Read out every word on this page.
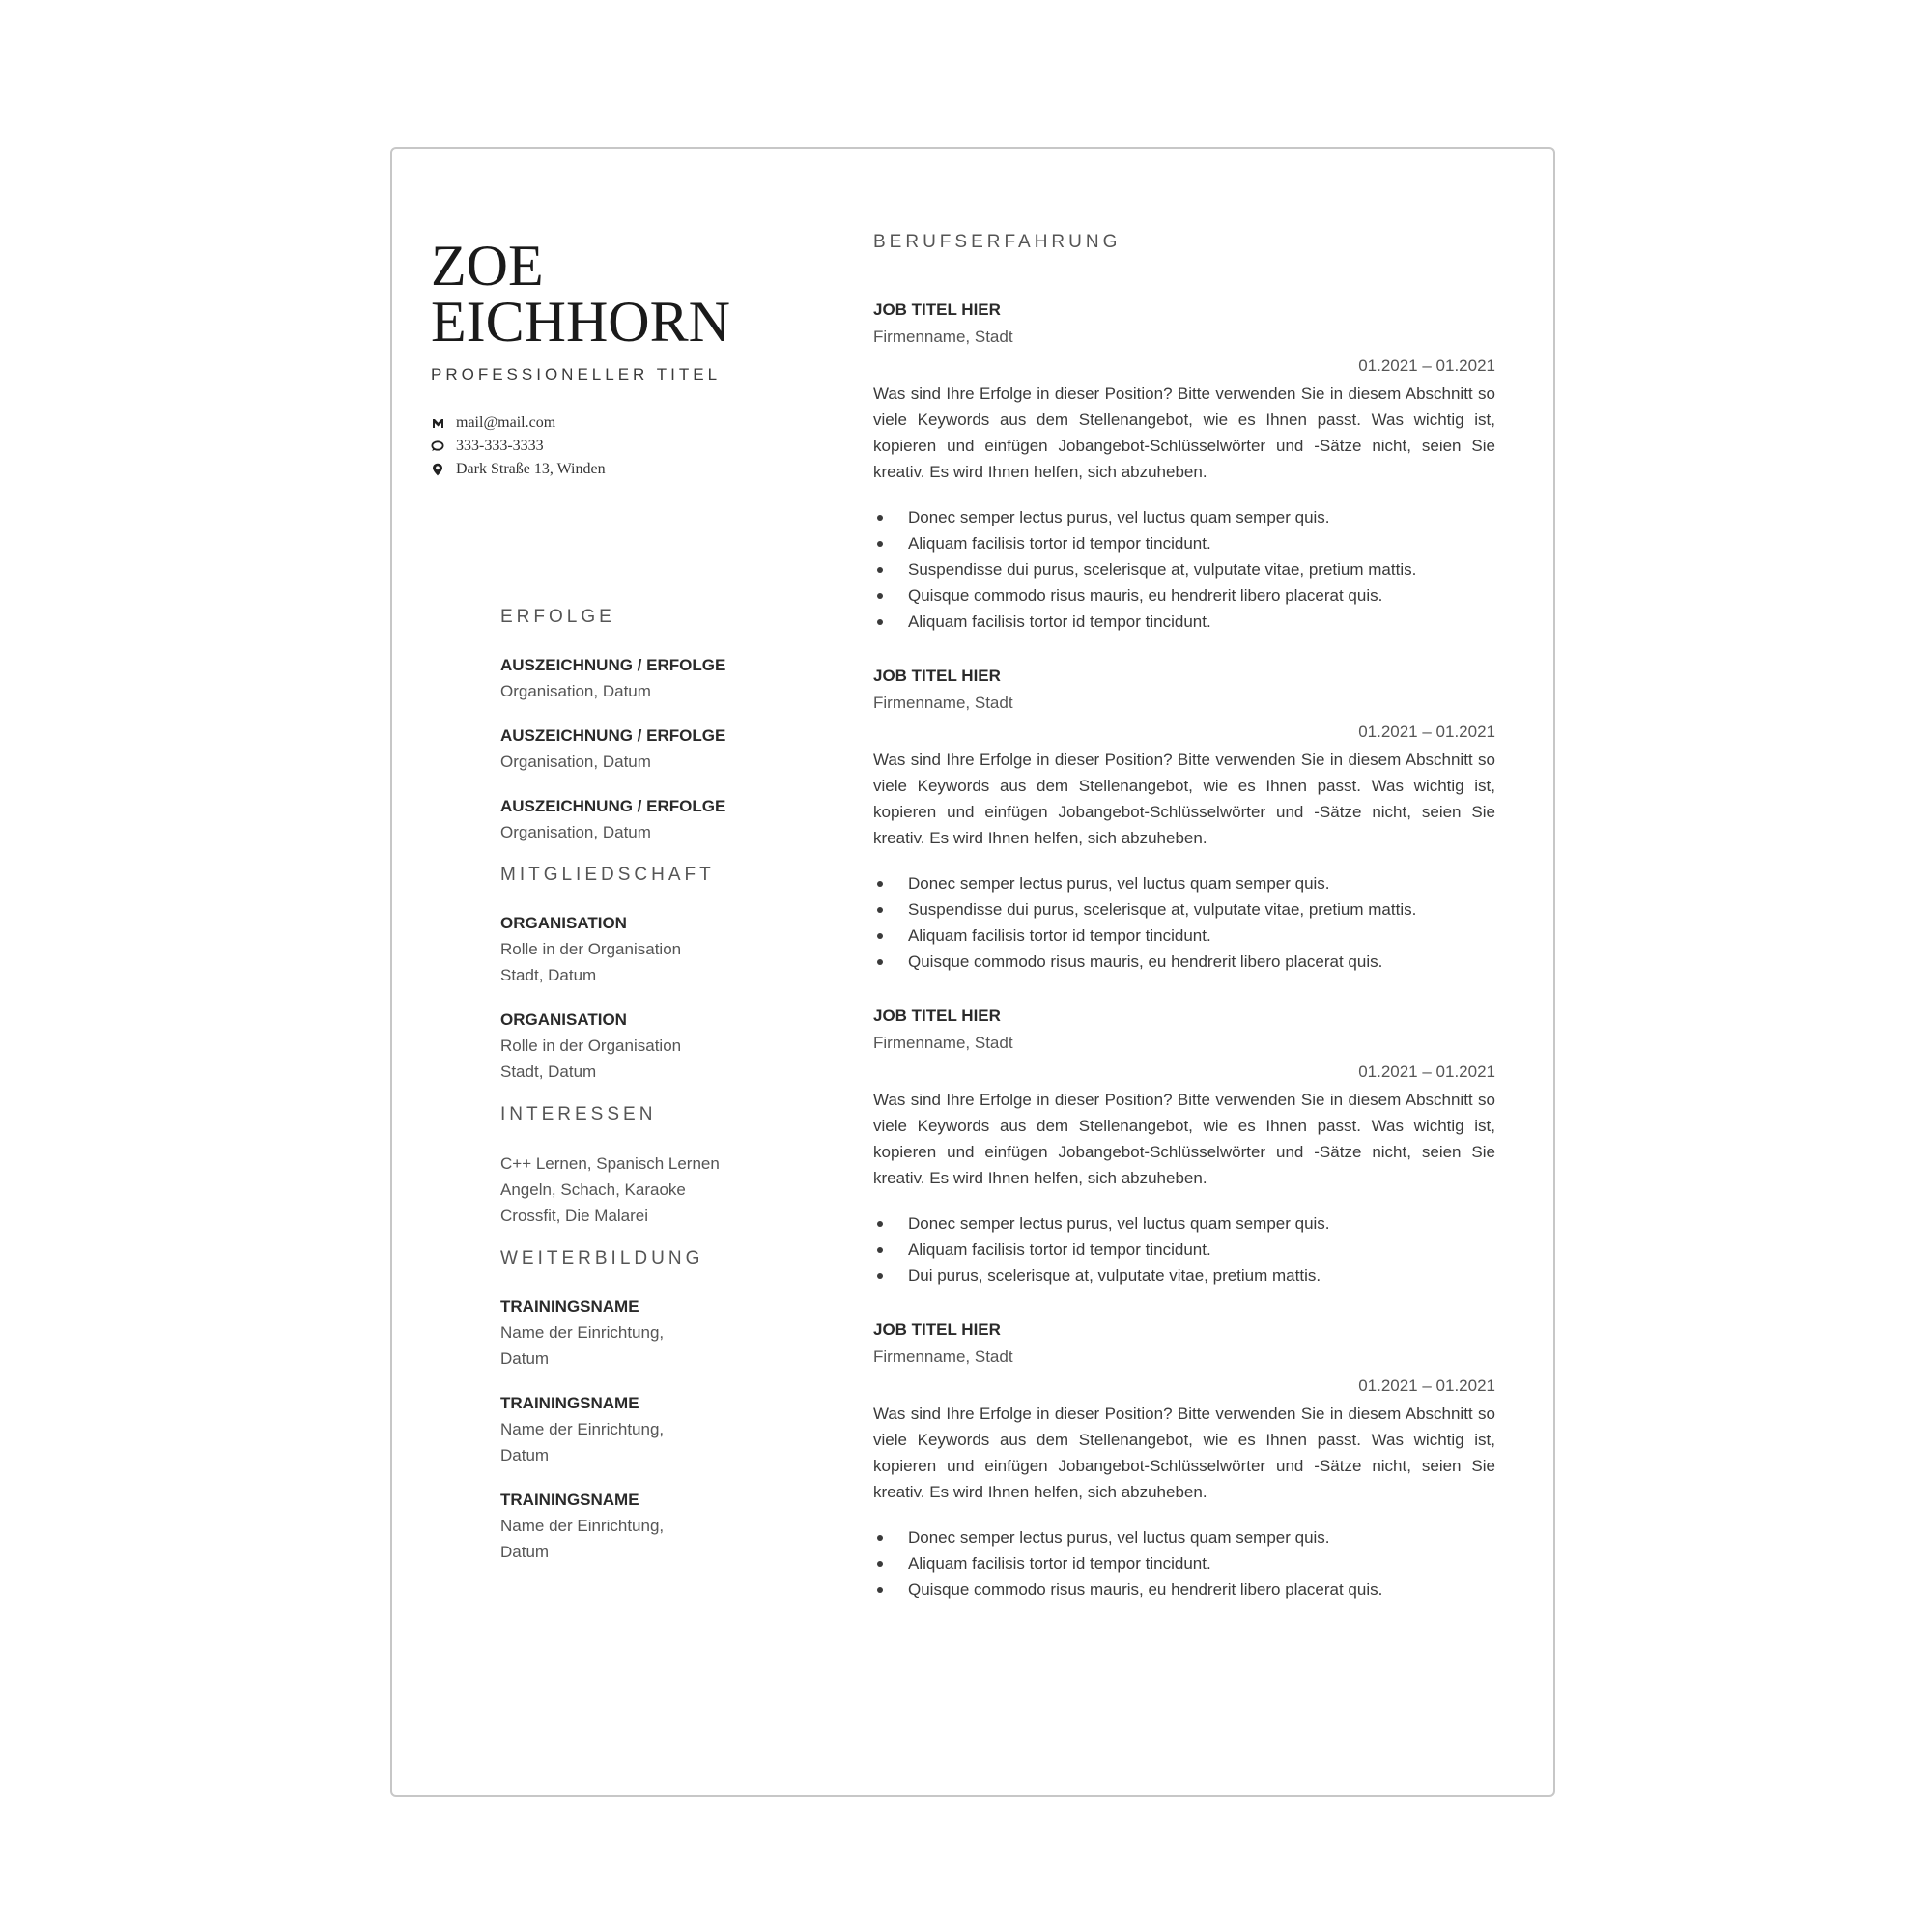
ZOE
EICHHORN
PROFESSIONELLER TITEL
mail@mail.com
333-333-3333
Dark Straße 13, Winden
ERFOLGE
AUSZEICHNUNG / ERFOLGE
Organisation, Datum
AUSZEICHNUNG / ERFOLGE
Organisation, Datum
AUSZEICHNUNG / ERFOLGE
Organisation, Datum
MITGLIEDSCHAFT
ORGANISATION
Rolle in der Organisation
Stadt, Datum
ORGANISATION
Rolle in der Organisation
Stadt, Datum
INTERESSEN
C++ Lernen, Spanisch Lernen
Angeln, Schach, Karaoke
Crossfit, Die Malarei
WEITERBILDUNG
TRAININGSNAME
Name der Einrichtung,
Datum
TRAININGSNAME
Name der Einrichtung,
Datum
TRAININGSNAME
Name der Einrichtung,
Datum
BERUFSERFAHRUNG
JOB TITEL HIER
Firmenname, Stadt
01.2021 – 01.2021

Was sind Ihre Erfolge in dieser Position? Bitte verwenden Sie in diesem Abschnitt so viele Keywords aus dem Stellenangebot, wie es Ihnen passt. Was wichtig ist, kopieren und einfügen Jobangebot-Schlüsselwörter und -Sätze nicht, seien Sie kreativ. Es wird Ihnen helfen, sich abzuheben.

Donec semper lectus purus, vel luctus quam semper quis.
Aliquam facilisis tortor id tempor tincidunt.
Suspendisse dui purus, scelerisque at, vulputate vitae, pretium mattis.
Quisque commodo risus mauris, eu hendrerit libero placerat quis.
Aliquam facilisis tortor id tempor tincidunt.
JOB TITEL HIER
Firmenname, Stadt
01.2021 – 01.2021

Was sind Ihre Erfolge in dieser Position? Bitte verwenden Sie in diesem Abschnitt so viele Keywords aus dem Stellenangebot, wie es Ihnen passt. Was wichtig ist, kopieren und einfügen Jobangebot-Schlüsselwörter und -Sätze nicht, seien Sie kreativ. Es wird Ihnen helfen, sich abzuheben.

Donec semper lectus purus, vel luctus quam semper quis.
Suspendisse dui purus, scelerisque at, vulputate vitae, pretium mattis.
Aliquam facilisis tortor id tempor tincidunt.
Quisque commodo risus mauris, eu hendrerit libero placerat quis.
JOB TITEL HIER
Firmenname, Stadt
01.2021 – 01.2021

Was sind Ihre Erfolge in dieser Position? Bitte verwenden Sie in diesem Abschnitt so viele Keywords aus dem Stellenangebot, wie es Ihnen passt. Was wichtig ist, kopieren und einfügen Jobangebot-Schlüsselwörter und -Sätze nicht, seien Sie kreativ. Es wird Ihnen helfen, sich abzuheben.

Donec semper lectus purus, vel luctus quam semper quis.
Aliquam facilisis tortor id tempor tincidunt.
Dui purus, scelerisque at, vulputate vitae, pretium mattis.
JOB TITEL HIER
Firmenname, Stadt
01.2021 – 01.2021

Was sind Ihre Erfolge in dieser Position? Bitte verwenden Sie in diesem Abschnitt so viele Keywords aus dem Stellenangebot, wie es Ihnen passt. Was wichtig ist, kopieren und einfügen Jobangebot-Schlüsselwörter und -Sätze nicht, seien Sie kreativ. Es wird Ihnen helfen, sich abzuheben.

Donec semper lectus purus, vel luctus quam semper quis.
Aliquam facilisis tortor id tempor tincidunt.
Quisque commodo risus mauris, eu hendrerit libero placerat quis.
